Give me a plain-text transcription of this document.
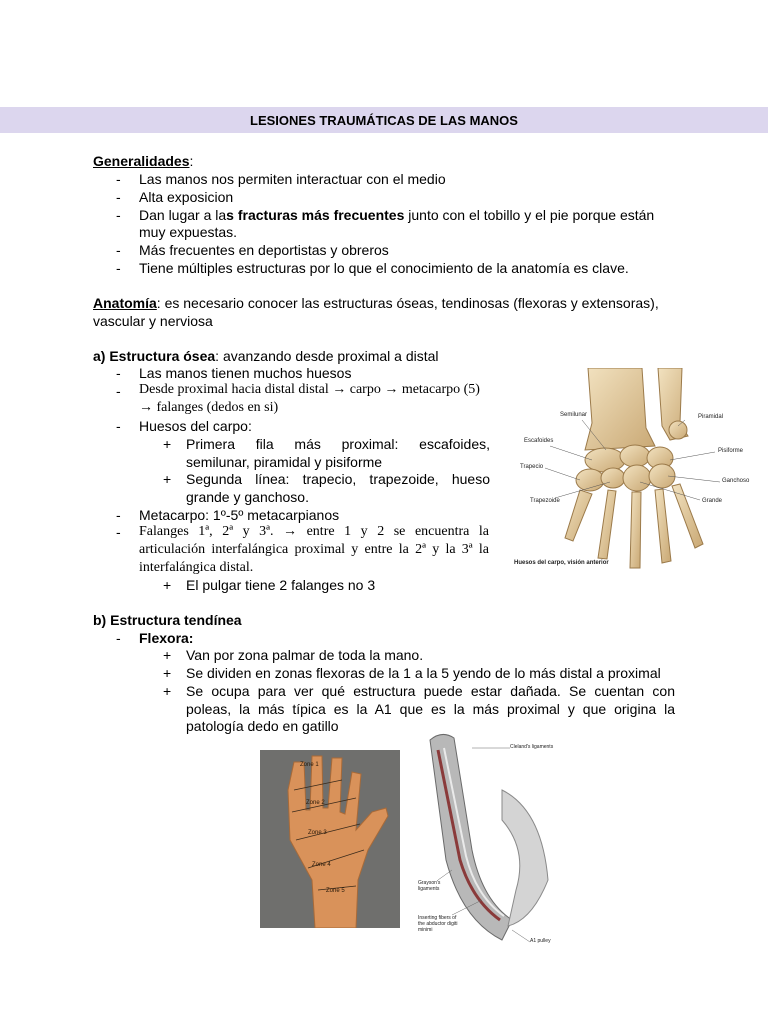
LESIONES TRAUMÁTICAS DE LAS MANOS
Generalidades:
- Las manos nos permiten interactuar con el medio
- Alta exposicion
- Dan lugar a las fracturas más frecuentes junto con el tobillo y el pie porque están
muy expuestas.
- Más frecuentes en deportistas y obreros
- Tiene múltiples estructuras por lo que el conocimiento de la anatomía es clave.
Anatomía: es necesario conocer las estructuras óseas, tendinosas (flexoras y extensoras),
vascular y nerviosa
a) Estructura ósea: avanzando desde proximal a distal
- Las manos tienen muchos huesos
- Desde proximal hacia distal distal → carpo → metacarpo (5)
→ falanges (dedos en si)
- Huesos del carpo:
+ Primera fila más proximal: escafoides,
semilunar, piramidal y pisiforme
+ Segunda línea: trapecio, trapezoide, hueso
grande y ganchoso.
- Metacarpo: 1º-5º metacarpianos
- Falanges 1ª, 2ª y 3ª. → entre 1 y 2 se encuentra la
articulación interfalángica proximal y entre la 2ª y la 3ª la
interfalángica distal.
+ El pulgar tiene 2 falanges no 3
Semilunar	Piramidal
Escafoides
Pisiforme
Trapecio
Ganchoso
Trapezoide	Grande
Huesos del carpo, visión anterior
b) Estructura tendínea
- Flexora:
+ Van por zona palmar de toda la mano.
+ Se dividen en zonas flexoras de la 1 a la 5 yendo de lo más distal a proximal
+ Se ocupa para ver qué estructura puede estar dañada. Se cuentan con
poleas, la más típica es la A1 que es la más proximal y que origina la
patología dedo en gatillo
Zone 1
Zone 2
Zone 3
Zone 4
Zone 5
Cleland's ligaments
Grayson's ligaments
Inserting fibers of the abductor digiti minimi
A1 pulley
